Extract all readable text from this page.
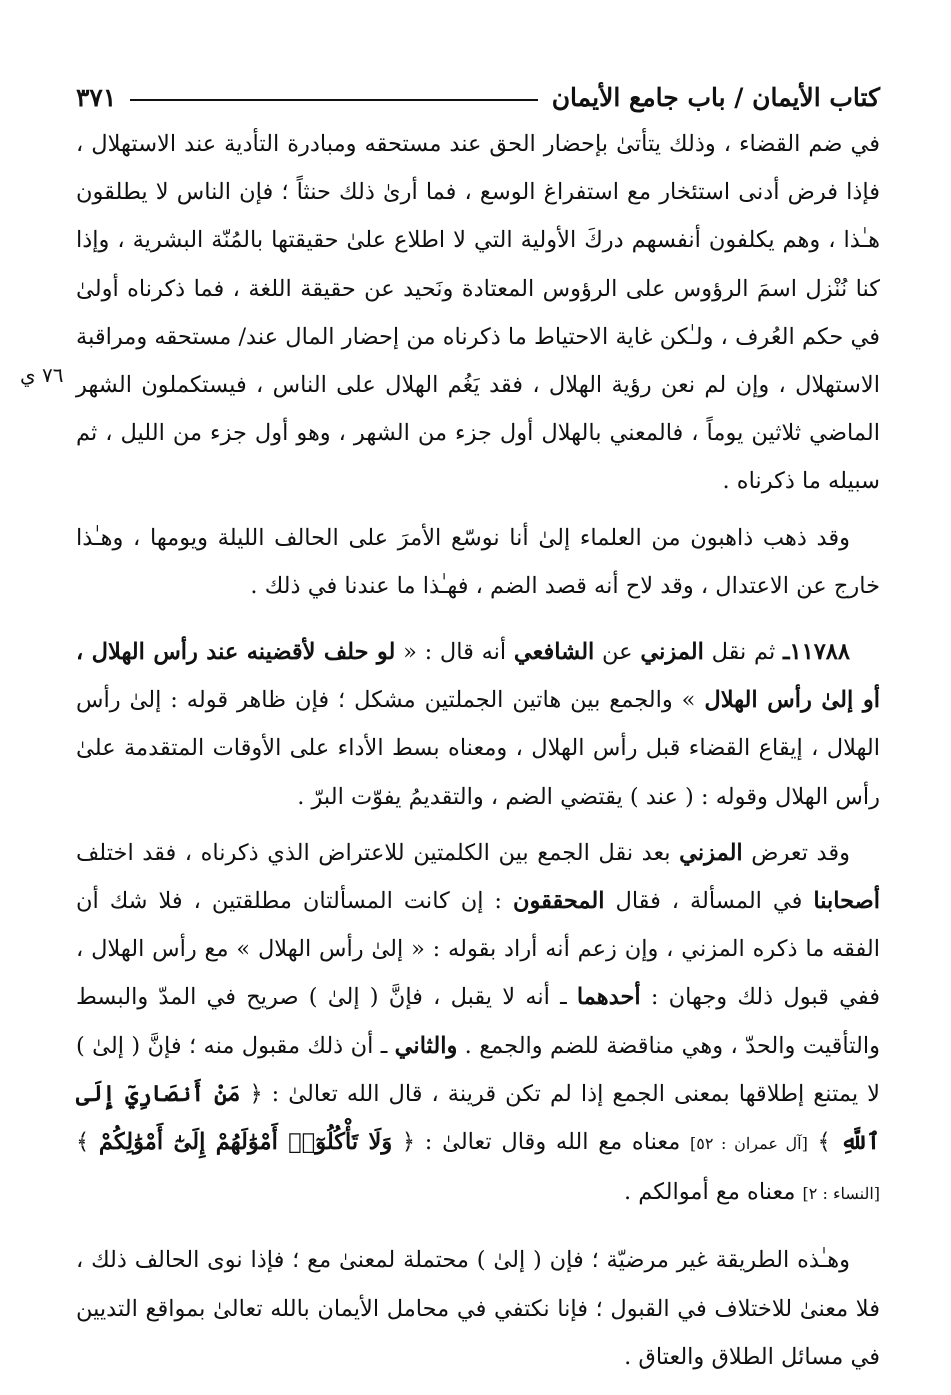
كتاب الأيمان / باب جامع الأيمان
٣٧١

في ضم القضاء ، وذلك يتأتىٰ بإحضار الحق عند مستحقه ومبادرة التأدية عند الاستهلال ، فإذا فرض أدنى استئخار مع استفراغ الوسع ، فما أرىٰ ذلك حنثاً ؛ فإن الناس لا يطلقون هـٰذا ، وهم يكلفون أنفسهم دركَ الأولية التي لا اطلاع علىٰ حقيقتها بالمُنّة البشرية ، وإذا كنا نُنْزل اسمَ الرؤوس على الرؤوس المعتادة ونَحيد عن حقيقة اللغة ، فما ذكرناه أولىٰ في حكم العُرف ، ولـٰكن غاية الاحتياط ما ذكرناه من إحضار المال عند/ مستحقه ومراقبة الاستهلال ، وإن لم نعن رؤية الهلال ، فقد يَغُم الهلال على الناس ، فيستكملون الشهر الماضي ثلاثين يوماً ، فالمعني بالهلال أول جزء من الشهر ، وهو أول جزء من الليل ، ثم سبيله ما ذكرناه .

وقد ذهب ذاهبون من العلماء إلىٰ أنا نوسّع الأمرَ على الحالف الليلة ويومها ، وهـٰذا خارج عن الاعتدال ، وقد لاح أنه قصد الضم ، فهـٰذا ما عندنا في ذلك .

١١٧٨٨ـ ثم نقل المزني عن الشافعي أنه قال : « لو حلف لأقضينه عند رأس الهلال ، أو إلىٰ رأس الهلال » والجمع بين هاتين الجملتين مشكل ؛ فإن ظاهر قوله : إلىٰ رأس الهلال ، إيقاع القضاء قبل رأس الهلال ، ومعناه بسط الأداء على الأوقات المتقدمة علىٰ رأس الهلال وقوله : ( عند ) يقتضي الضم ، والتقديمُ يفوّت البرّ .

وقد تعرض المزني بعد نقل الجمع بين الكلمتين للاعتراض الذي ذكرناه ، فقد اختلف أصحابنا في المسألة ، فقال المحققون : إن كانت المسألتان مطلقتين ، فلا شك أن الفقه ما ذكره المزني ، وإن زعم أنه أراد بقوله : « إلىٰ رأس الهلال » مع رأس الهلال ، ففي قبول ذلك وجهان : أحدهما ـ أنه لا يقبل ، فإنَّ ( إلىٰ ) صريح في المدّ والبسط والتأقيت والحدّ ، وهي مناقضة للضم والجمع . والثاني ـ أن ذلك مقبول منه ؛ فإنَّ ( إلىٰ ) لا يمتنع إطلاقها بمعنى الجمع إذا لم تكن قرينة ، قال الله تعالىٰ : ﴿ مَنْ أَنصَارِيٓ إِلَى ٱللَّهِ ﴾ [آل عمران : ٥٢] معناه مع الله وقال تعالىٰ : ﴿ وَلَا تَأْكُلُوٓا۟ أَمْوَٰلَهُمْ إِلَىٰٓ أَمْوَٰلِكُمْ ﴾ [النساء : ٢] معناه مع أموالكم .

وهـٰذه الطريقة غير مرضيّة ؛ فإن ( إلىٰ ) محتملة لمعنىٰ مع ؛ فإذا نوى الحالف ذلك ، فلا معنىٰ للاختلاف في القبول ؛ فإنا نكتفي في محامل الأيمان بالله تعالىٰ بمواقع التديين في مسائل الطلاق والعتاق .

٧٦ ي
